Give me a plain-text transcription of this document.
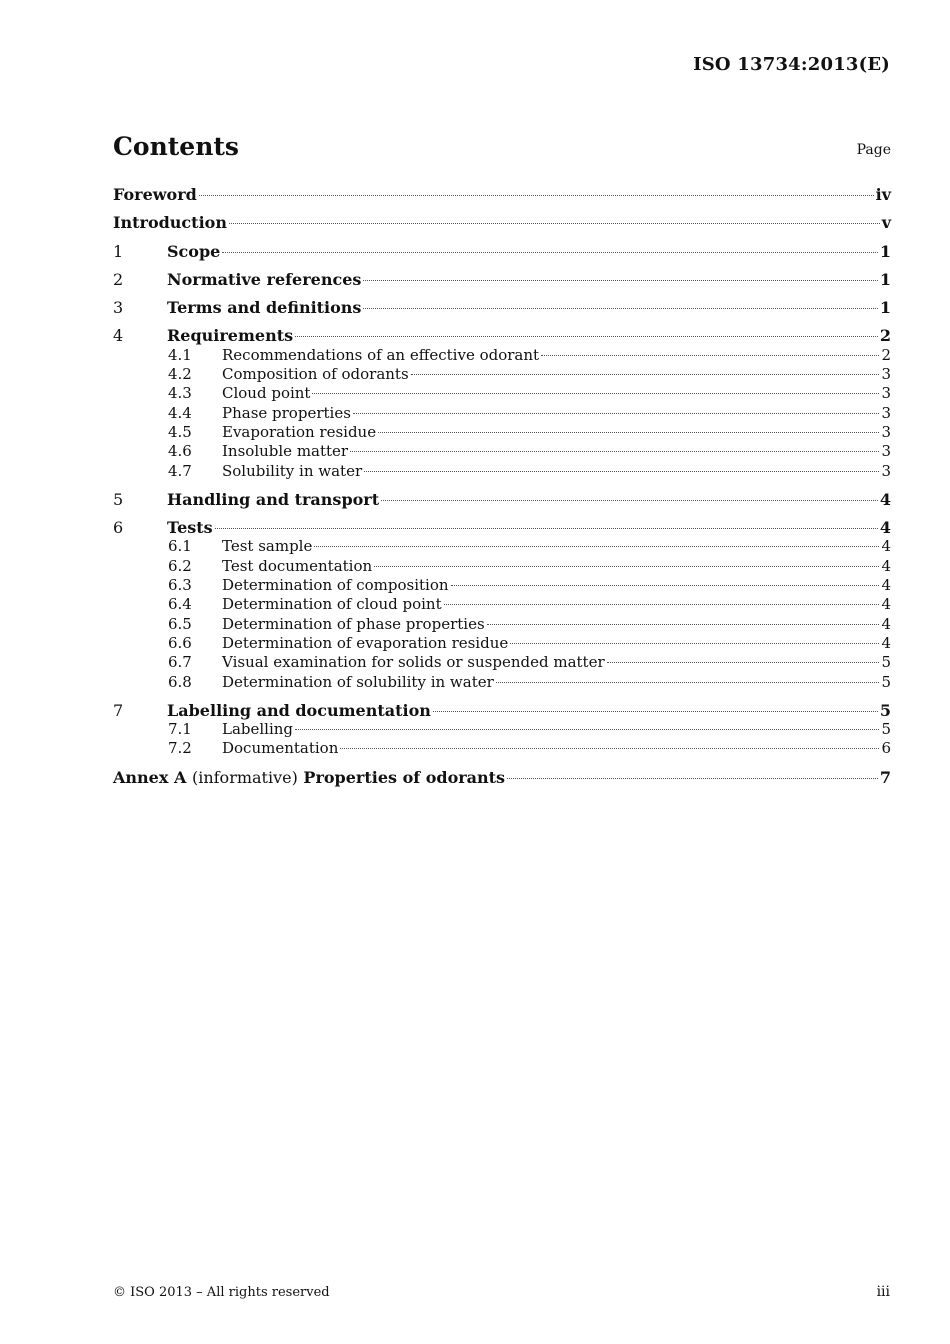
ISO 13734:2013(E)
Contents	Page
Foreword	iv
Introduction	v
1	Scope	1
2	Normative references	1
3	Terms and definitions	1
4	Requirements	2
4.1	Recommendations of an effective odorant	2
4.2	Composition of odorants	3
4.3	Cloud point	3
4.4	Phase properties	3
4.5	Evaporation residue	3
4.6	Insoluble matter	3
4.7	Solubility in water	3
5	Handling and transport	4
6	Tests	4
6.1	Test sample	4
6.2	Test documentation	4
6.3	Determination of composition	4
6.4	Determination of cloud point	4
6.5	Determination of phase properties	4
6.6	Determination of evaporation residue	4
6.7	Visual examination for solids or suspended matter	5
6.8	Determination of solubility in water	5
7	Labelling and documentation	5
7.1	Labelling	5
7.2	Documentation	6
Annex A (informative) Properties of odorants	7
© ISO 2013 – All rights reserved	iii
